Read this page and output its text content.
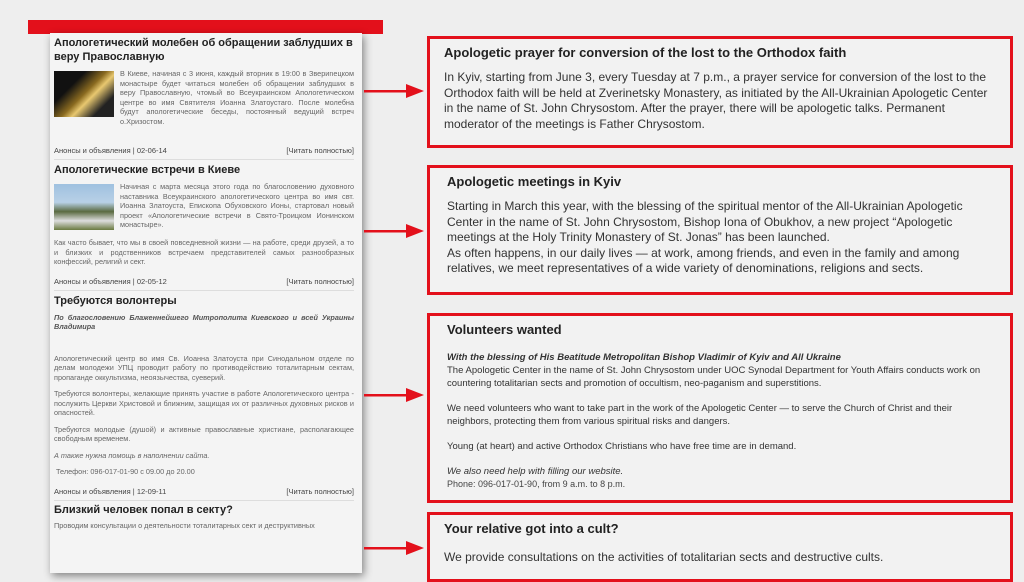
Апологетический молебен об обращении заблудших в веру Православную
В Киеве, начиная с 3 июня, каждый вторник в 19:00 в Звериnецком монастыре будет читаться молебен об обращении заблудших в веру Православную, чтомый во Всеукраинском Апологетическом центре во имя Святителя Иоанна Златоустаго. После молебна будут апологетические беседы, постоянный ведущий встреч о.Хризостом.
Анонсы и объявления | 02-06-14	[Читать полностью]
Апологетические встречи в Киеве
Начиная с марта месяца этого года по благословению духовного наставника Всеукраинского апологетического центра во имя свт. Иоанна Златоуста, Епископа Обуховского Ионы, стартовал новый проект «Апологетические встречи в Свято-Троицком Ионинском монастыре».
Как часто бывает, что мы в своей повседневной жизни — на работе, среди друзей, а то и близких и родственников встречаем представителей самых разнообразных конфессий, религий и сект.
Анонсы и объявления | 02-05-12	[Читать полностью]
Требуются волонтеры
По благословению Блаженнейшего Митрополита Киевского и всей Украины Владимира
Апологетический центр во имя Св. Иоанна Златоуста при Синодальном отделе по делам молодежи УПЦ проводит работу по противодействию тоталитарным сектам, пропаганде оккультизма, неоязычества, суеверий.
Требуются волонтеры, желающие принять участие в работе Апологетического центра - послужить Церкви Христовой и ближним, защищая их от различных духовных рисков и опасностей.
Требуются молодые (душой) и активные православные христиане, располагающее свободным временем.
А также нужна помощь в наполнении сайта.
Телефон: 096-017-01-90 с 09.00 до 20.00
Анонсы и объявления | 12-09-11	[Читать полностью]
Близкий человек попал в секту?
Проводим консультации о деятельности тоталитарных сект и деструктивных
Apologetic prayer for conversion of the lost to the Orthodox faith
In Kyiv, starting from June 3, every Tuesday at 7 p.m., a prayer service for conversion of the lost to the Orthodox faith will be held at Zverinetsky Monastery, as initiated by the All-Ukrainian Apologetic Center in the name of St. John Chrysostom. After the prayer, there will be apologetic talks. Permanent moderator of the meetings is Father Chrysostom.
Apologetic meetings in Kyiv
Starting in March this year, with the blessing of the spiritual mentor of the All-Ukrainian Apologetic Center in the name of St. John Chrysostom, Bishop Iona of Obukhov, a new project “Apologetic meetings at the Holy Trinity Monastery of St. Jonas” has been launched.
As often happens, in our daily lives — at work, among friends, and even in the family and among relatives, we meet representatives of a wide variety of denominations, religions and sects.
Volunteers wanted
With the blessing of His Beatitude Metropolitan Bishop Vladimir of Kyiv and All Ukraine
The Apologetic Center in the name of St. John Chrysostom under UOC Synodal Department for Youth Affairs conducts work on countering totalitarian sects and promotion of occultism, neo-paganism and superstitions.
We need volunteers who want to take part in the work of the Apologetic Center — to serve the Church of Christ and their neighbors, protecting them from various spiritual risks and dangers.
Young (at heart) and active Orthodox Christians who have free time are in demand.
We also need help with filling our website.
Phone: 096-017-01-90, from 9 a.m. to 8 p.m.
Your relative got into a cult?
We provide consultations on the activities of totalitarian sects and destructive cults.
